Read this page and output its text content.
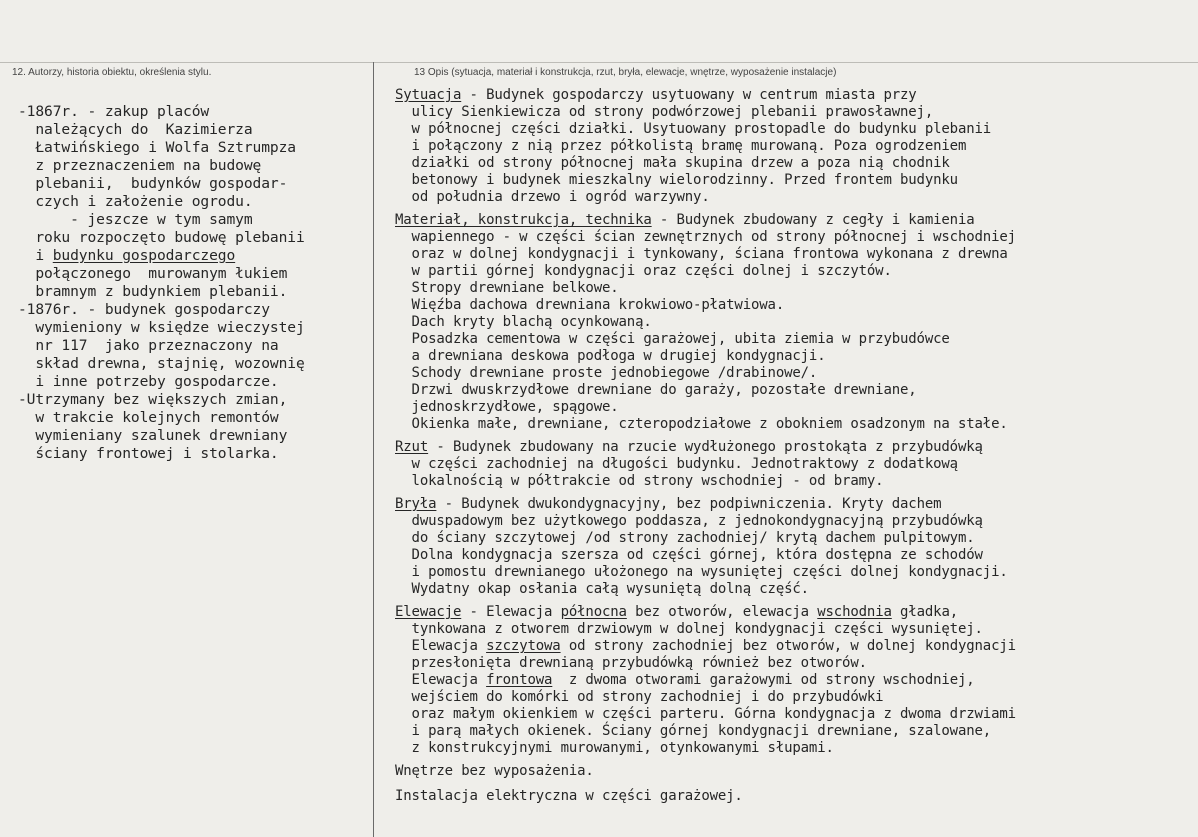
12. Autorzy, historia obiektu, określenia stylu.	13 Opis (sytuacja, materiał i konstrukcja, rzut, bryła, elewacje, wnętrze, wyposażenie instalacje)
-1867r. - zakup placów
należących do  Kazimierza
Łatwińskiego i Wolfa Sztrumpza
z przeznaczeniem na budowę
plebanii,  budynków gospodar-
czych i założenie ogrodu.
- jeszcze w tym samym
roku rozpoczęto budowę plebanii
i budynku gospodarczego
połączonego  murowanym łukiem
bramnym z budynkiem plebanii.
-1876r. - budynek gospodarczy
wymieniony w księdze wieczystej
nr 117  jako przeznaczony na
skład drewna, stajnię, wozownię
i inne potrzeby gospodarcze.
-Utrzymany bez większych zmian,
w trakcie kolejnych remontów
wymieniany szalunek drewniany
ściany frontowej i stolarka.
Sytuacja - Budynek gospodarczy usytuowany w centrum miasta przy
ulicy Sienkiewicza od strony podwórzowej plebanii prawosławnej,
w północnej części działki. Usytuowany prostopadle do budynku plebanii
i połączony z nią przez półkolistą bramę murowaną. Poza ogrodzeniem
działki od strony północnej mała skupina drzew a poza nią chodnik
betonowy i budynek mieszkalny wielorodzinny. Przed frontem budynku
od południa drzewo i ogród warzywny.
Materiał, konstrukcja, technika - Budynek zbudowany z cegły i kamienia
wapiennego - w części ścian zewnętrznych od strony północnej i wschodniej
oraz w dolnej kondygnacji i tynkowany, ściana frontowa wykonana z drewna
w partii górnej kondygnacji oraz części dolnej i szczytów.
Stropy drewniane belkowe.
Więźba dachowa drewniana krokwiowo-płatwiowa.
Dach kryty blachą ocynkowaną.
Posadzka cementowa w części garażowej, ubita ziemia w przybudówce
a drewniana deskowa podłoga w drugiej kondygnacji.
Schody drewniane proste jednobiegowe /drabinowe/.
Drzwi dwuskrzydłowe drewniane do garaży, pozostałe drewniane,
jednoskrzydłowe, spągowe.
Okienka małe, drewniane, czteropodziałowe z obokniem osadzonym na stałe.
Rzut - Budynek zbudowany na rzucie wydłużonego prostokąta z przybudówką
w części zachodniej na długości budynku. Jednotraktowy z dodatkową
lokalnością w półtrakcie od strony wschodniej - od bramy.
Bryła - Budynek dwukondygnacyjny, bez podpiwniczenia. Kryty dachem
dwuspadowym bez użytkowego poddasza, z jednokondygnacyjną przybudówką
do ściany szczytowej /od strony zachodniej/ krytą dachem pulpitowym.
Dolna kondygnacja szersza od części górnej, która dostępna ze schodów
i pomostu drewnianego ułożonego na wysuniętej części dolnej kondygnacji.
Wydatny okap osłania całą wysuniętą dolną część.
Elewacje - Elewacja północna bez otworów, elewacja wschodnia gładka,
tynkowana z otworem drzwiowym w dolnej kondygnacji części wysuniętej.
Elewacja szczytowa od strony zachodniej bez otworów, w dolnej kondygnacji
przesłonięta drewnianą przybudówką również bez otworów.
Elewacja frontowa  z dwoma otworami garażowymi od strony wschodniej,
wejściem do komórki od strony zachodniej i do przybudówki
oraz małym okienkiem w części parteru. Górna kondygnacja z dwoma drzwiami
i parą małych okienek. Ściany górnej kondygnacji drewniane, szalowane,
z konstrukcyjnymi murowanymi, otynkowanymi słupami.
Wnętrze bez wyposażenia.
Instalacja elektryczna w części garażowej.
